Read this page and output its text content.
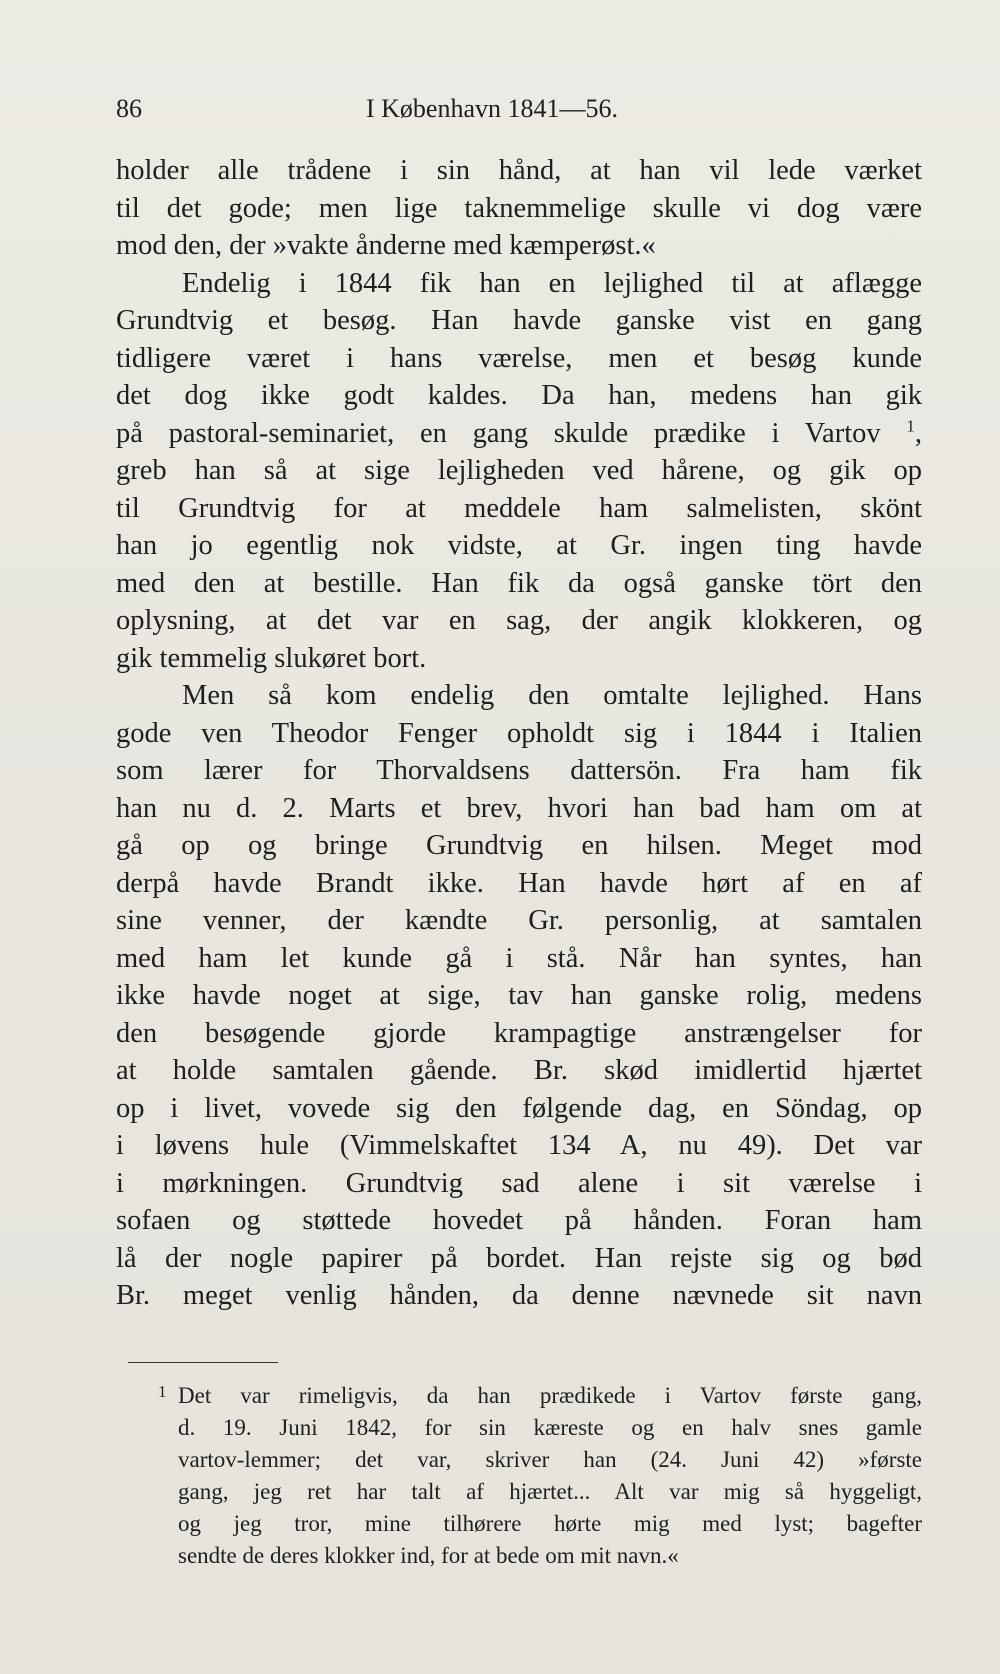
86	I København 1841—56.
holder alle trådene i sin hånd, at han vil lede værket
til det gode; men lige taknemmelige skulle vi dog være
mod den, der »vakte ånderne med kæmperøst.«
Endelig i 1844 fik han en lejlighed til at aflægge
Grundtvig et besøg. Han havde ganske vist en gang
tidligere været i hans værelse, men et besøg kunde
det dog ikke godt kaldes. Da han, medens han gik
på pastoral-seminariet, en gang skulde prædike i Vartov $^1$,
greb han så at sige lejligheden ved hårene, og gik op
til Grundtvig for at meddele ham salmelisten, skönt
han jo egentlig nok vidste, at Gr. ingen ting havde
med den at bestille. Han fik da også ganske tört den
oplysning, at det var en sag, der angik klokkeren, og
gik temmelig slukøret bort.
Men så kom endelig den omtalte lejlighed. Hans
gode ven Theodor Fenger opholdt sig i 1844 i Italien
som lærer for Thorvaldsens dattersön. Fra ham fik
han nu d. 2. Marts et brev, hvori han bad ham om at
gå op og bringe Grundtvig en hilsen. Meget mod
derpå havde Brandt ikke. Han havde hørt af en af
sine venner, der kændte Gr. personlig, at samtalen
med ham let kunde gå i stå. Når han syntes, han
ikke havde noget at sige, tav han ganske rolig, medens
den besøgende gjorde krampagtige anstrængelser for
at holde samtalen gående. Br. skød imidlertid hjærtet
op i livet, vovede sig den følgende dag, en Söndag, op
i løvens hule (Vimmelskaftet 134 A, nu 49). Det var
i mørkningen. Grundtvig sad alene i sit værelse i
sofaen og støttede hovedet på hånden. Foran ham
lå der nogle papirer på bordet. Han rejste sig og bød
Br. meget venlig hånden, da denne nævnede sit navn
1 Det var rimeligvis, da han prædikede i Vartov første gang,
d. 19. Juni 1842, for sin kæreste og en halv snes gamle
vartov-lemmer; det var, skriver han (24. Juni 42) »første
gang, jeg ret har talt af hjærtet... Alt var mig så hyggeligt,
og jeg tror, mine tilhørere hørte mig med lyst; bagefter
sendte de deres klokker ind, for at bede om mit navn.«
